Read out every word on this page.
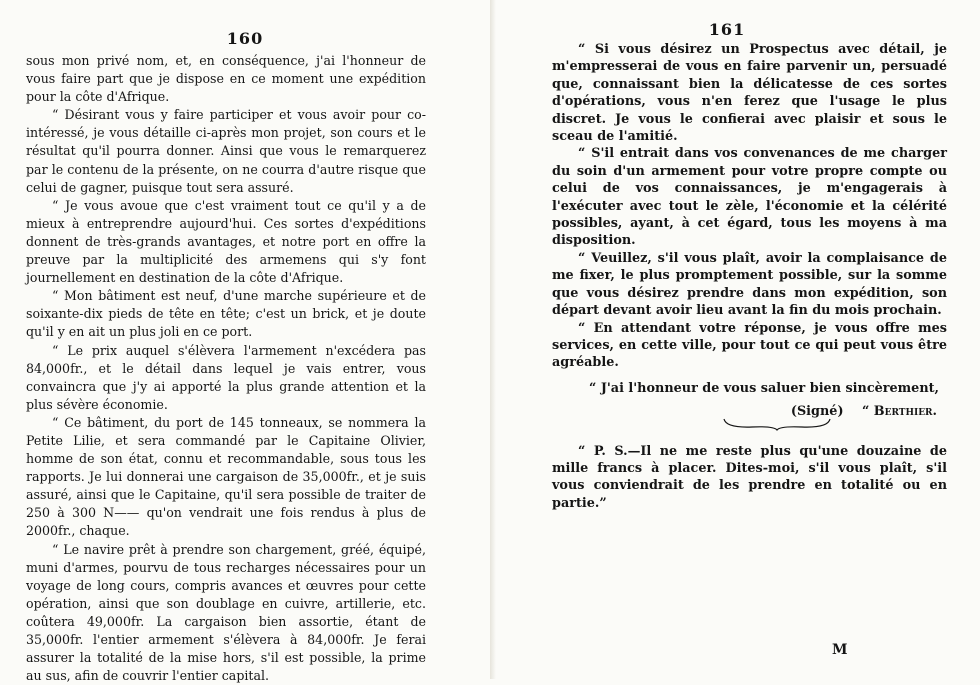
160

sous mon privé nom, et, en conséquence, j'ai l'honneur de vous faire part que je dispose en ce moment une expédition pour la côte d'Afrique.

“ Désirant vous y faire participer et vous avoir pour co-intéressé, je vous détaille ci-après mon projet, son cours et le résultat qu'il pourra donner. Ainsi que vous le remarquerez par le contenu de la présente, on ne courra d'autre risque que celui de gagner, puisque tout sera assuré.

“ Je vous avoue que c'est vraiment tout ce qu'il y a de mieux à entreprendre aujourd'hui. Ces sortes d'expéditions donnent de très-grands avantages, et notre port en offre la preuve par la multiplicité des armemens qui s'y font journellement en destination de la côte d'Afrique.

“ Mon bâtiment est neuf, d'une marche supérieure et de soixante-dix pieds de tête en tête; c'est un brick, et je doute qu'il y en ait un plus joli en ce port.

“ Le prix auquel s'élèvera l'armement n'excédera pas 84,000fr., et le détail dans lequel je vais entrer, vous convaincra que j'y ai apporté la plus grande attention et la plus sévère économie.

“ Ce bâtiment, du port de 145 tonneaux, se nommera la Petite Lilie, et sera commandé par le Capitaine Olivier, homme de son état, connu et recommandable, sous tous les rapports. Je lui donnerai une cargaison de 35,000fr., et je suis assuré, ainsi que le Capitaine, qu'il sera possible de traiter de 250 à 300 N—— qu'on vendrait une fois rendus à plus de 2000fr., chaque.

“ Le navire prêt à prendre son chargement, gréé, équipé, muni d'armes, pourvu de tous recharges nécessaires pour un voyage de long cours, compris avances et œuvres pour cette opération, ainsi que son doublage en cuivre, artillerie, etc. coûtera 49,000fr. La cargaison bien assortie, étant de 35,000fr. l'entier armement s'élèvera à 84,000fr. Je ferai assurer la totalité de la mise hors, s'il est possible, la prime au sus, afin de couvrir l'entier capital.

161

“ Si vous désirez un Prospectus avec détail, je m'empresserai de vous en faire parvenir un, persuadé que, connaissant bien la délicatesse de ces sortes d'opérations, vous n'en ferez que l'usage le plus discret. Je vous le confierai avec plaisir et sous le sceau de l'amitié.

“ S'il entrait dans vos convenances de me charger du soin d'un armement pour votre propre compte ou celui de vos connaissances, je m'engagerais à l'exécuter avec tout le zèle, l'économie et la célérité possibles, ayant, à cet égard, tous les moyens à ma disposition.

“ Veuillez, s'il vous plaît, avoir la complaisance de me fixer, le plus promptement possible, sur la somme que vous désirez prendre dans mon expédition, son départ devant avoir lieu avant la fin du mois prochain.

“ En attendant votre réponse, je vous offre mes services, en cette ville, pour tout ce qui peut vous être agréable.

“ J'ai l'honneur de vous saluer bien sincèrement,

(Signé) “ Berthier.

“ P. S.—Il ne me reste plus qu'une douzaine de mille francs à placer. Dites-moi, s'il vous plaît, s'il vous conviendrait de les prendre en totalité ou en partie.”

M
